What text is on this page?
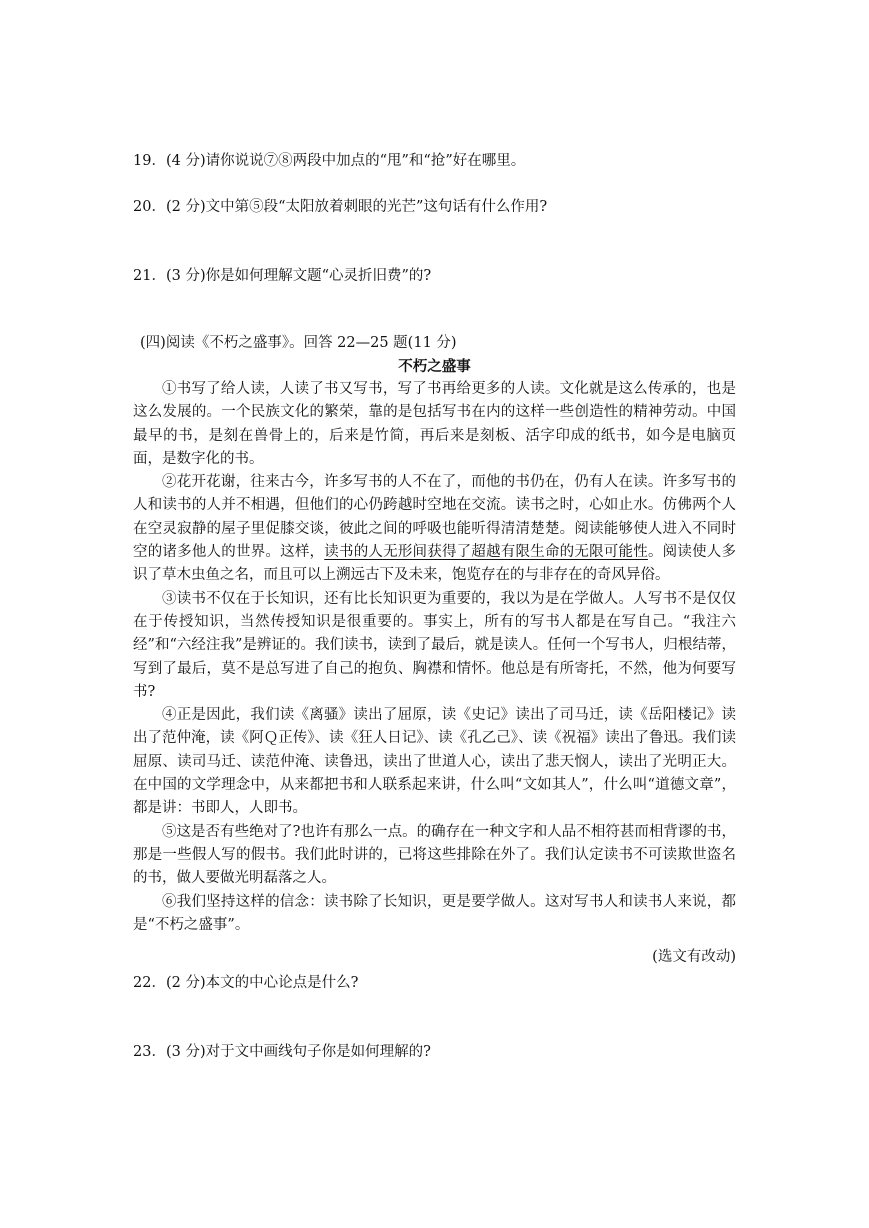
19．(4 分)请你说说⑦⑧两段中加点的“甩”和“抢”好在哪里。
20．(2 分)文中第⑤段“太阳放着刺眼的光芒”这句话有什么作用?
21．(3 分)你是如何理解文题“心灵折旧费”的?
(四)阅读《不朽之盛事》。回答 22—25 题(11 分)
不朽之盛事

①书写了给人读，人读了书又写书，写了书再给更多的人读。文化就是这么传承的，也是这么发展的。一个民族文化的繁荣，靠的是包括写书在内的这样一些创造性的精神劳动。中国最早的书，是刻在兽骨上的，后来是竹简，再后来是刻板、活字印成的纸书，如今是电脑页面，是数字化的书。

②花开花谢，往来古今，许多写书的人不在了，而他的书仍在，仍有人在读。许多写书的人和读书的人并不相遇，但他们的心仍跨越时空地在交流。读书之时，心如止水。仿佛两个人在空灵寂静的屋子里促膝交谈，彼此之间的呼吸也能听得清清楚楚。阅读能够使人进入不同时空的诸多他人的世界。这样，读书的人无形间获得了超越有限生命的无限可能性。阅读使人多识了草木虫鱼之名，而且可以上溯远古下及未来，饱览存在的与非存在的奇风异俗。

③读书不仅在于长知识，还有比长知识更为重要的，我以为是在学做人。人写书不是仅仅在于传授知识，当然传授知识是很重要的。事实上，所有的写书人都是在写自己。“我注六经”和“六经注我”是辨证的。我们读书，读到了最后，就是读人。任何一个写书人，归根结蒂，写到了最后，莫不是总写进了自己的抱负、胸襟和情怀。他总是有所寄托，不然，他为何要写书?

④正是因此，我们读《离骚》读出了屈原，读《史记》读出了司马迁，读《岳阳楼记》读出了范仲淹，读《阿Ｑ正传》、读《狂人日记》、读《孔乙己》、读《祝福》读出了鲁迅。我们读屈原、读司马迁、读范仲淹、读鲁迅，读出了世道人心，读出了悲天悯人，读出了光明正大。在中国的文学理念中，从来都把书和人联系起来讲，什么叫“文如其人”，什么叫“道德文章”，都是讲：书即人，人即书。

⑤这是否有些绝对了?也许有那么一点。的确存在一种文字和人品不相符甚而相背谬的书，那是一些假人写的假书。我们此时讲的，已将这些排除在外了。我们认定读书不可读欺世盗名的书，做人要做光明磊落之人。

⑥我们坚持这样的信念：读书除了长知识，更是要学做人。这对写书人和读书人来说，都是“不朽之盛事”。

(选文有改动)
22．(2 分)本文的中心论点是什么?
23．(3 分)对于文中画线句子你是如何理解的?
